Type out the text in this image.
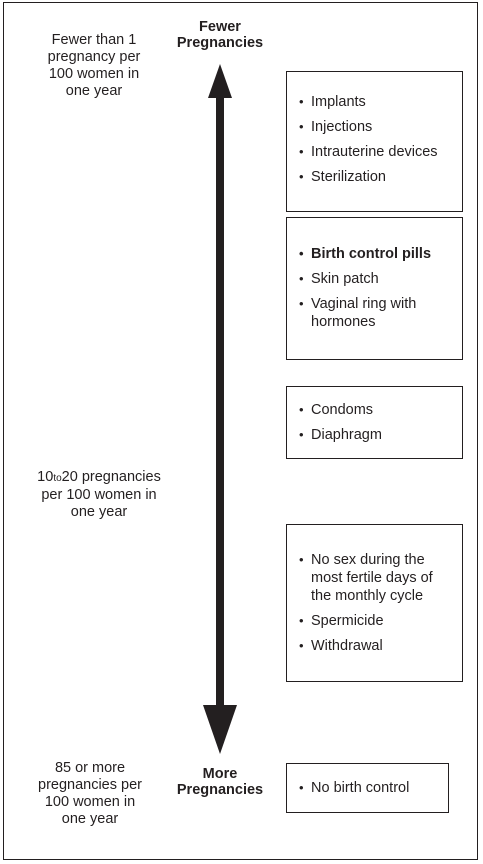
Fewer than 1
pregnancy per
100 women in
one year
10to20 pregnancies
per 100 women in
one year
85 or more
pregnancies per
100 women in
one year
Fewer
Pregnancies
More
Pregnancies
• Implants
• Injections
• Intrauterine devices
• Sterilization
• Birth control pills
• Skin patch
• Vaginal ring with hormones
• Condoms
• Diaphragm
• No sex during the most fertile days of the monthly cycle
• Spermicide
• Withdrawal
• No birth control
